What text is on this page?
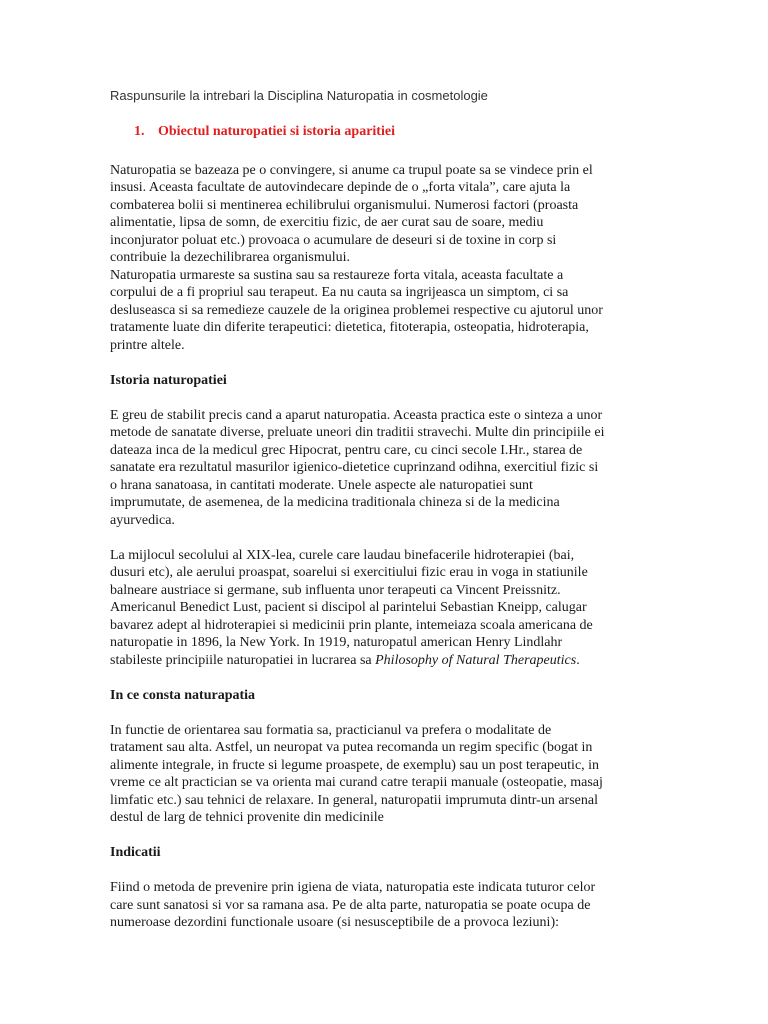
Raspunsurile la intrebari la Disciplina Naturopatia in cosmetologie
1. Obiectul naturopatiei si istoria aparitiei
Naturopatia se bazeaza pe o convingere, si anume ca trupul poate sa se vindece prin el
insusi. Aceasta facultate de autovindecare depinde de o „forta vitala”, care ajuta la
combaterea bolii si mentinerea echilibrului organismului. Numerosi factori (proasta
alimentatie, lipsa de somn, de exercitiu fizic, de aer curat sau de soare, mediu
inconjurator poluat etc.) provoaca o acumulare de deseuri si de toxine in corp si
contribuie la dezechilibrarea organismului.
Naturopatia urmareste sa sustina sau sa restaureze forta vitala, aceasta facultate a
corpului de a fi propriul sau terapeut. Ea nu cauta sa ingrijeasca un simptom, ci sa
desluseasca si sa remedieze cauzele de la originea problemei respective cu ajutorul unor
tratamente luate din diferite terapeutici: dietetica, fitoterapia, osteopatia, hidroterapia,
printre altele.
Istoria naturopatiei
E greu de stabilit precis cand a aparut naturopatia. Aceasta practica este o sinteza a unor
metode de sanatate diverse, preluate uneori din traditii stravechi. Multe din principiile ei
dateaza inca de la medicul grec Hipocrat, pentru care, cu cinci secole I.Hr., starea de
sanatate era rezultatul masurilor igienico-dietetice cuprinzand odihna, exercitiul fizic si
o hrana sanatoasa, in cantitati moderate. Unele aspecte ale naturopatiei sunt
imprumutate, de asemenea, de la medicina traditionala chineza si de la medicina
ayurvedica.
La mijlocul secolului al XIX-lea, curele care laudau binefacerile hidroterapiei (bai,
dusuri etc), ale aerului proaspat, soarelui si exercitiului fizic erau in voga in statiunile
balneare austriace si germane, sub influenta unor terapeuti ca Vincent Preissnitz.
Americanul Benedict Lust, pacient si discipol al parintelui Sebastian Kneipp, calugar
bavarez adept al hidroterapiei si medicinii prin plante, intemeiaza scoala americana de
naturopatie in 1896, la New York. In 1919, naturopatul american Henry Lindlahr
stabileste principiile naturopatiei in lucrarea sa Philosophy of Natural Therapeutics.
In ce consta naturapatia
In functie de orientarea sau formatia sa, practicianul va prefera o modalitate de
tratament sau alta. Astfel, un neuropat va putea recomanda un regim specific (bogat in
alimente integrale, in fructe si legume proaspete, de exemplu) sau un post terapeutic, in
vreme ce alt practician se va orienta mai curand catre terapii manuale (osteopatie, masaj
limfatic etc.) sau tehnici de relaxare. In general, naturopatii imprumuta dintr-un arsenal
destul de larg de tehnici provenite din medicinile
Indicatii
Fiind o metoda de prevenire prin igiena de viata, naturopatia este indicata tuturor celor
care sunt sanatosi si vor sa ramana asa. Pe de alta parte, naturopatia se poate ocupa de
numeroase dezordini functionale usoare (si nesusceptibile de a provoca leziuni):
